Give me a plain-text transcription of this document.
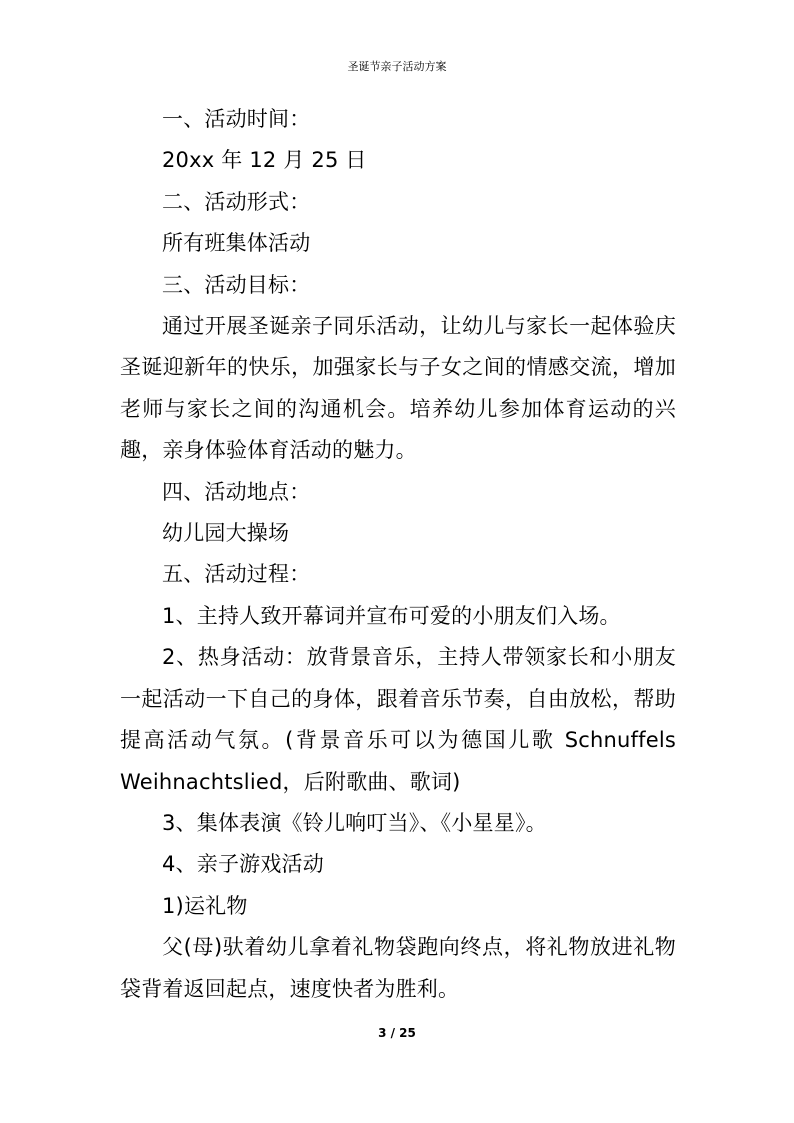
圣诞节亲子活动方案

一、活动时间：

20xx 年 12 月 25 日

二、活动形式：

所有班集体活动

三、活动目标：

通过开展圣诞亲子同乐活动，让幼儿与家长一起体验庆圣诞迎新年的快乐，加强家长与子女之间的情感交流，增加老师与家长之间的沟通机会。培养幼儿参加体育运动的兴趣，亲身体验体育活动的魅力。

四、活动地点：

幼儿园大操场

五、活动过程：

1、主持人致开幕词并宣布可爱的小朋友们入场。

2、热身活动：放背景音乐，主持人带领家长和小朋友一起活动一下自己的身体，跟着音乐节奏，自由放松，帮助提高活动气氛。(背景音乐可以为德国儿歌 Schnuffels Weihnachtslied，后附歌曲、歌词)

3、集体表演《铃儿响叮当》、《小星星》。

4、亲子游戏活动

1)运礼物

父(母)驮着幼儿拿着礼物袋跑向终点，将礼物放进礼物袋背着返回起点，速度快者为胜利。

3 / 25
